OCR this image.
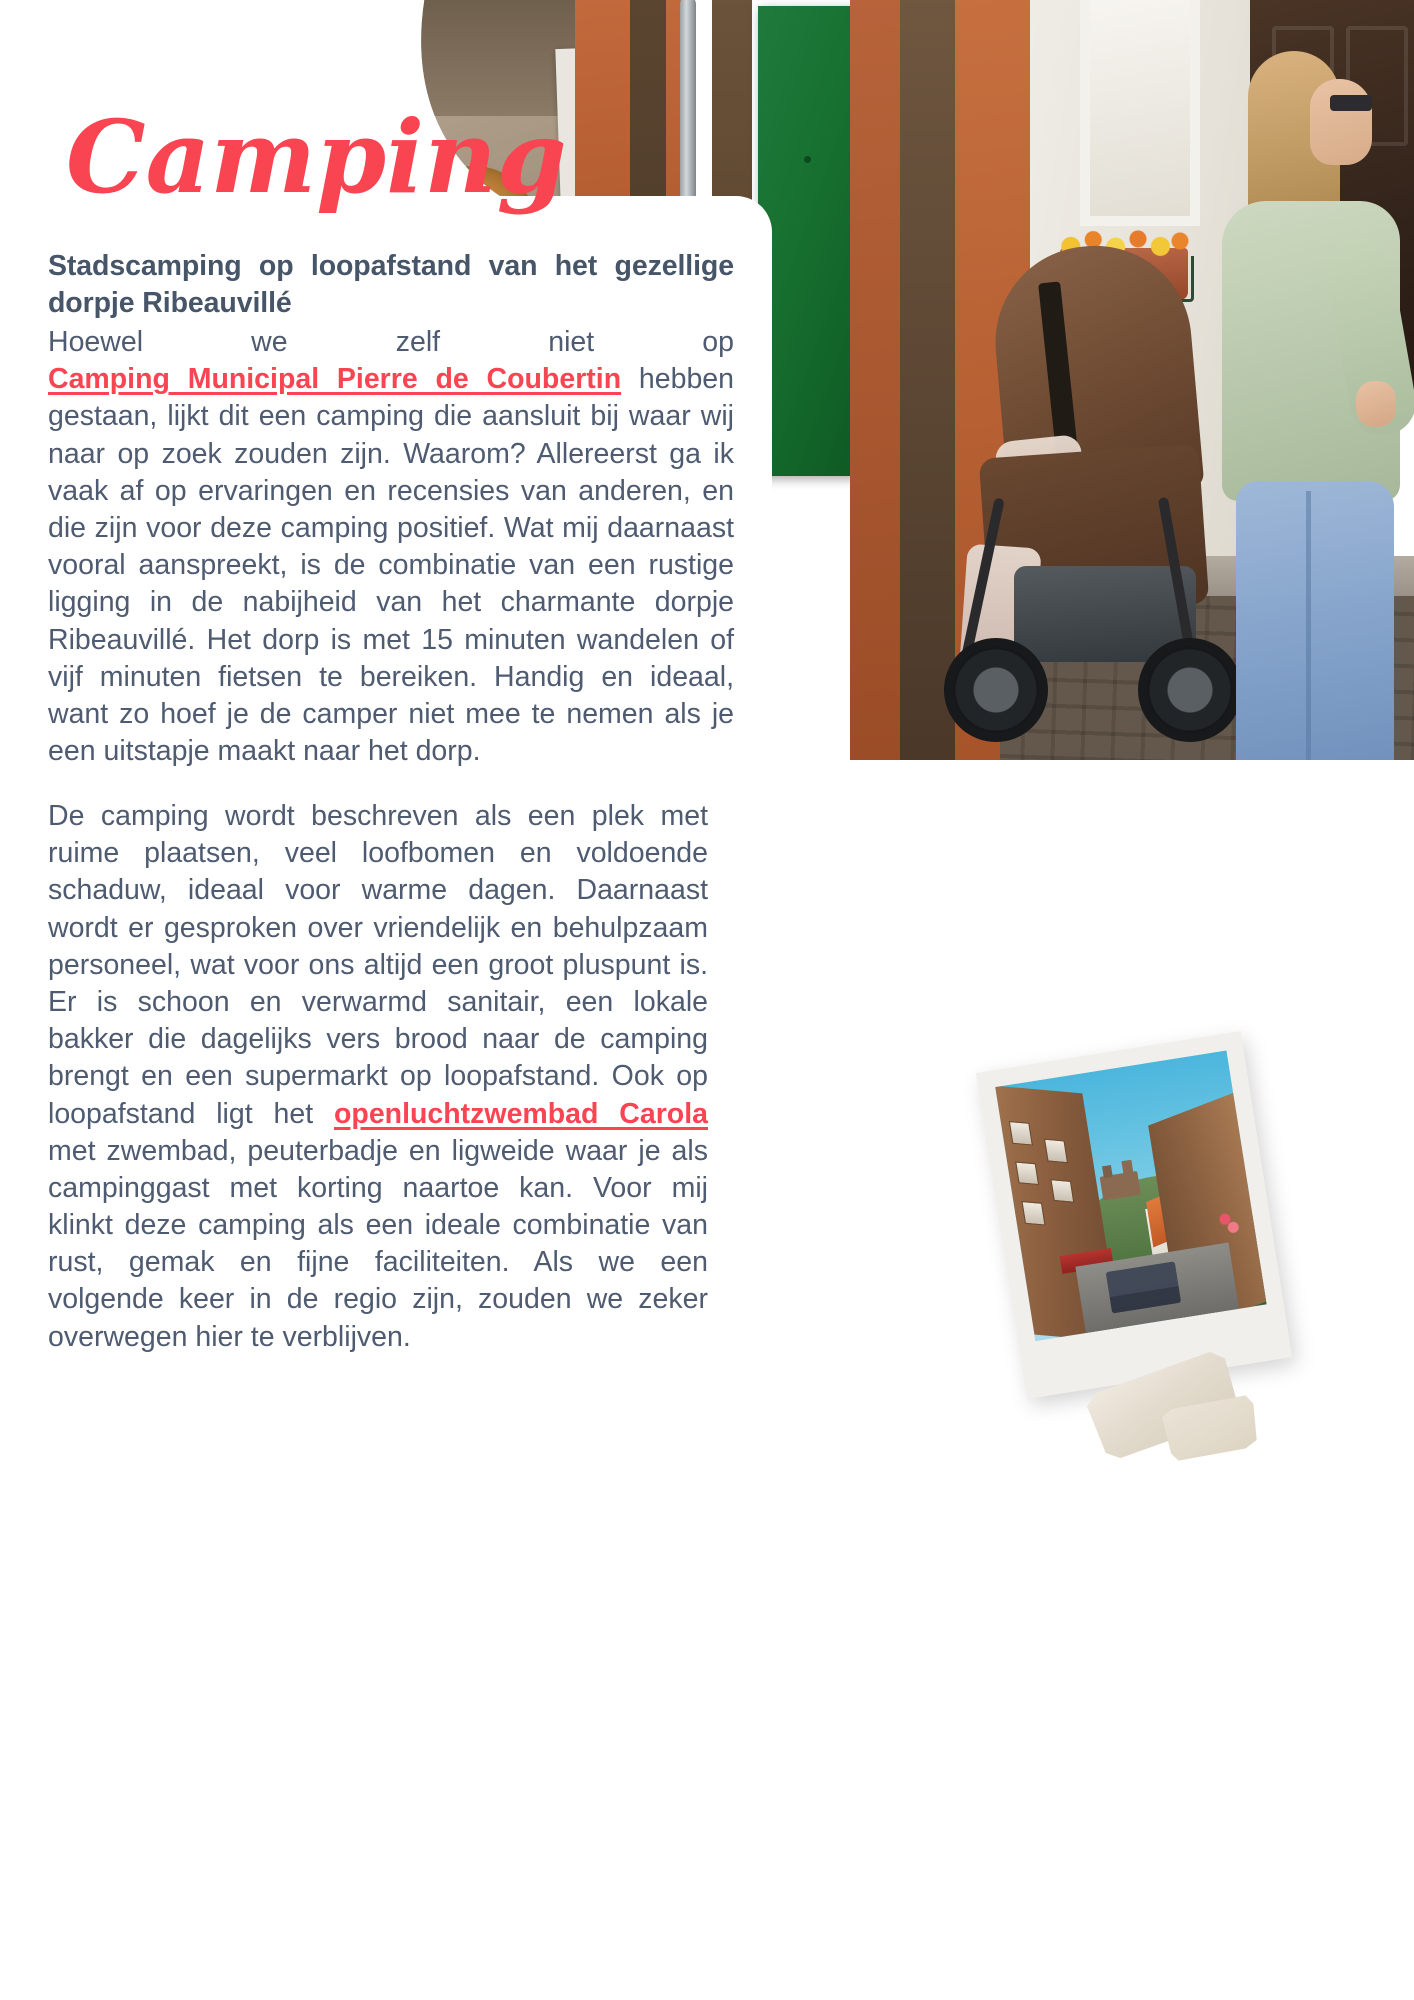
Camping
Stadscamping op loopafstand van het gezellige dorpje Ribeauvillé
Hoewel we zelf niet op Camping Municipal Pierre de Coubertin hebben gestaan, lijkt dit een camping die aansluit bij waar wij naar op zoek zouden zijn. Waarom? Allereerst ga ik vaak af op ervaringen en recensies van anderen, en die zijn voor deze camping positief. Wat mij daarnaast vooral aanspreekt, is de combinatie van een rustige ligging in de nabijheid van het charmante dorpje Ribeauvillé. Het dorp is met 15 minuten wandelen of vijf minuten fietsen te bereiken. Handig en ideaal, want zo hoef je de camper niet mee te nemen als je een uitstapje maakt naar het dorp.
De camping wordt beschreven als een plek met ruime plaatsen, veel loofbomen en voldoende schaduw, ideaal voor warme dagen. Daarnaast wordt er gesproken over vriendelijk en behulpzaam personeel, wat voor ons altijd een groot pluspunt is. Er is schoon en verwarmd sanitair, een lokale bakker die dagelijks vers brood naar de camping brengt en een supermarkt op loopafstand. Ook op loopafstand ligt het openluchtzwembad Carola met zwembad, peuterbadje en ligweide waar je als campinggast met korting naartoe kan. Voor mij klinkt deze camping als een ideale combinatie van rust, gemak en fijne faciliteiten. Als we een volgende keer in de regio zijn, zouden we zeker overwegen hier te verblijven.
